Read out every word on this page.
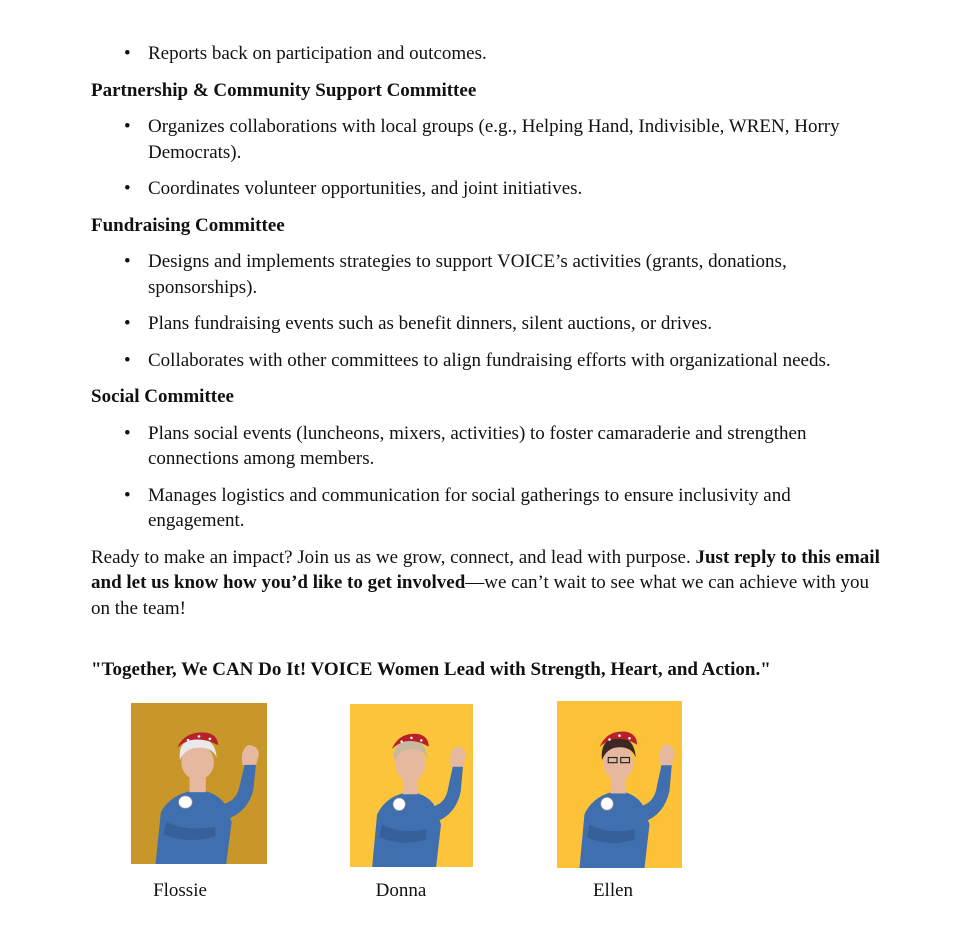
• Reports back on participation and outcomes.

Partnership & Community Support Committee

• Organizes collaborations with local groups (e.g., Helping Hand, Indivisible, WREN, Horry Democrats).
• Coordinates volunteer opportunities, and joint initiatives.

Fundraising Committee

• Designs and implements strategies to support VOICE’s activities (grants, donations, sponsorships).
• Plans fundraising events such as benefit dinners, silent auctions, or drives.
• Collaborates with other committees to align fundraising efforts with organizational needs.

Social Committee

• Plans social events (luncheons, mixers, activities) to foster camaraderie and strengthen connections among members.
• Manages logistics and communication for social gatherings to ensure inclusivity and engagement.

Ready to make an impact? Join us as we grow, connect, and lead with purpose. Just reply to this email and let us know how you’d like to get involved—we can’t wait to see what we can achieve with you on the team!

"Together, We CAN Do It! VOICE Women Lead with Strength, Heart, and Action."

Flossie	Donna	Ellen
